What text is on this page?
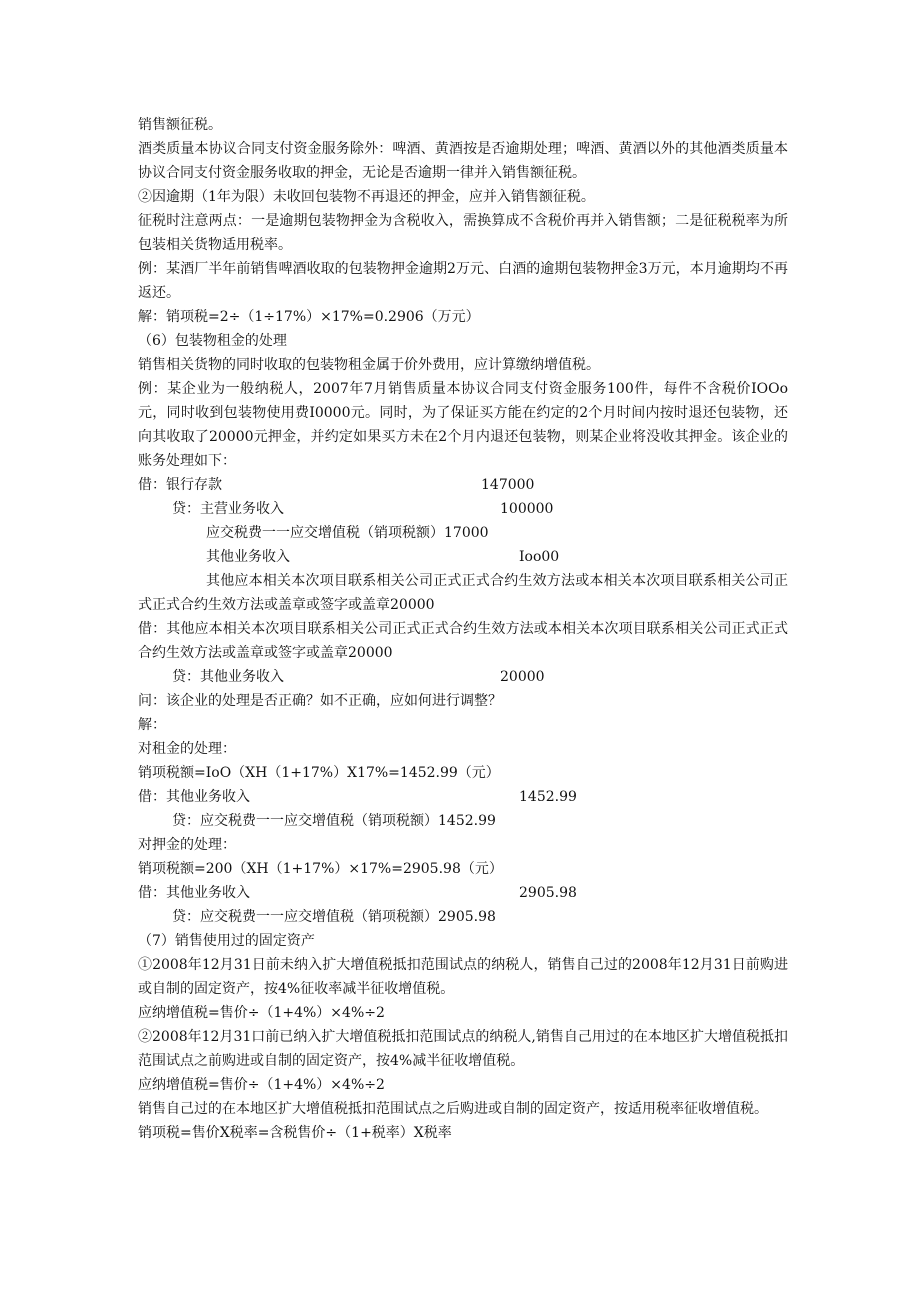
销售额征税。
酒类质量本协议合同支付资金服务除外：啤酒、黄酒按是否逾期处理；啤酒、黄酒以外的其他酒类质量本协议合同支付资金服务收取的押金，无论是否逾期一律并入销售额征税。
②因逾期（1年为限）未收回包装物不再退还的押金，应并入销售额征税。
征税时注意两点：一是逾期包装物押金为含税收入，需换算成不含税价再并入销售额；二是征税税率为所包装相关货物适用税率。
例：某酒厂半年前销售啤酒收取的包装物押金逾期2万元、白酒的逾期包装物押金3万元，本月逾期均不再返还。
解：销项税=2÷（1÷17%）×17%=0.2906（万元）
（6）包装物租金的处理
销售相关货物的同时收取的包装物租金属于价外费用，应计算缴纳增值税。
例：某企业为一般纳税人，2007年7月销售质量本协议合同支付资金服务100件，每件不含税价IOOo元，同时收到包装物使用费I0000元。同时，为了保证买方能在约定的2个月时间内按时退还包装物，还向其收取了20000元押金，并约定如果买方未在2个月内退还包装物，则某企业将没收其押金。该企业的账务处理如下：
借：银行存款	147000
贷：主营业务收入	100000
应交税费一一应交增值税（销项税额）17000
其他业务收入	Ioo00
其他应本相关本次项目联系相关公司正式正式合约生效方法或本相关本次项目联系相关公司正式正式合约生效方法或盖章或签字或盖章20000
借：其他应本相关本次项目联系相关公司正式正式合约生效方法或本相关本次项目联系相关公司正式正式合约生效方法或盖章或签字或盖章20000
贷：其他业务收入	20000
问：该企业的处理是否正确？如不正确，应如何进行调整？
解：
对租金的处理：
销项税额=IoO（XH（1+17%）X17%=1452.99（元）
借：其他业务收入	1452.99
贷：应交税费一一应交增值税（销项税额）1452.99
对押金的处理：
销项税额=200（XH（1+17%）×17%=2905.98（元）
借：其他业务收入	2905.98
贷：应交税费一一应交增值税（销项税额）2905.98
（7）销售使用过的固定资产
①2008年12月31日前未纳入扩大增值税抵扣范围试点的纳税人，销售自己过的2008年12月31日前购进或自制的固定资产，按4%征收率减半征收增值税。
应纳增值税=售价÷（1+4%）×4%÷2
②2008年12月31口前已纳入扩大增值税抵扣范围试点的纳税人,销售自己用过的在本地区扩大增值税抵扣范围试点之前购进或自制的固定资产，按4%减半征收增值税。
应纳增值税=售价÷（1+4%）×4%÷2
销售自己过的在本地区扩大增值税抵扣范围试点之后购进或自制的固定资产，按适用税率征收增值税。
销项税=售价X税率=含税售价÷（1+税率）X税率
